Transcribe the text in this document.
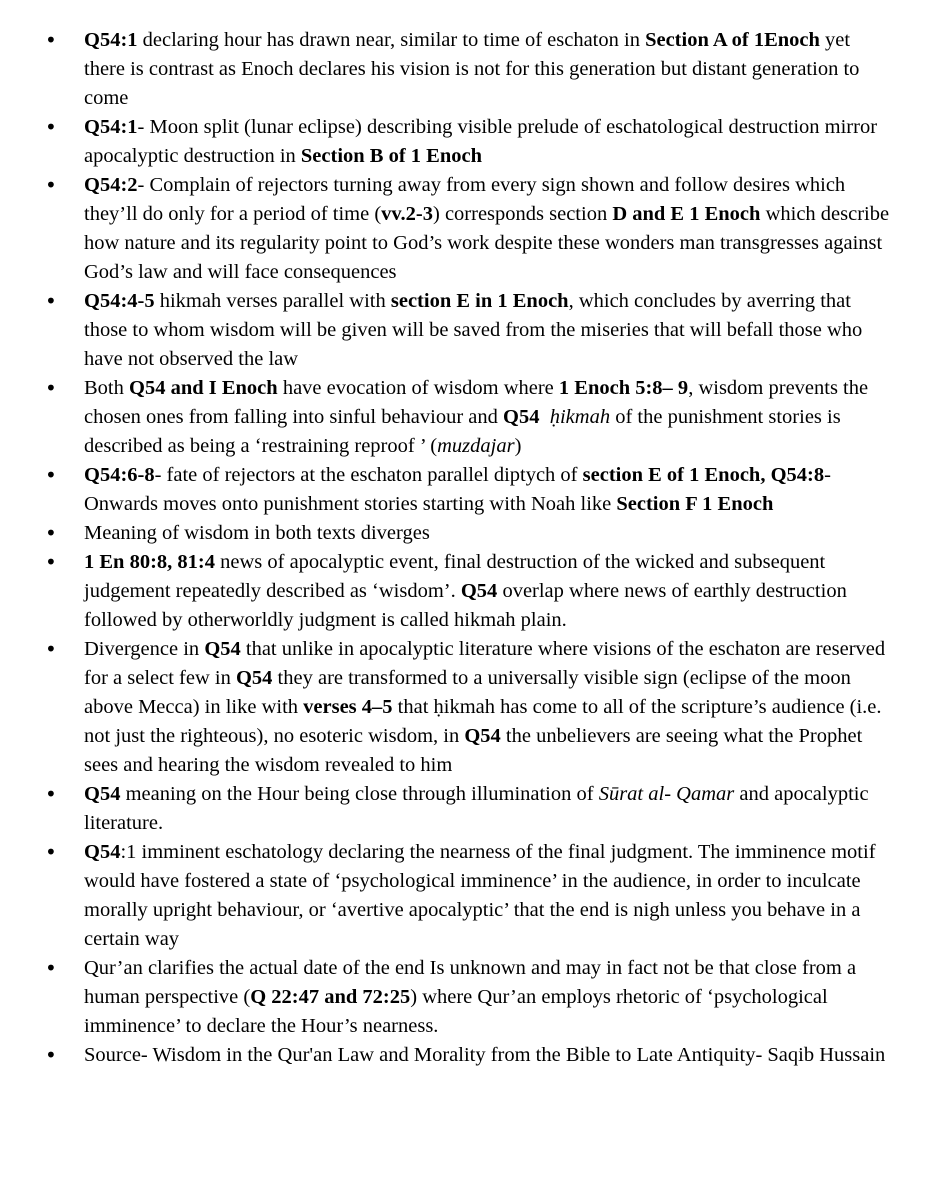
• Q54:1 declaring hour has drawn near, similar to time of eschaton in Section A of 1Enoch yet there is contrast as Enoch declares his vision is not for this generation but distant generation to come
• Q54:1- Moon split (lunar eclipse) describing visible prelude of eschatological destruction mirror apocalyptic destruction in Section B of 1 Enoch
• Q54:2- Complain of rejectors turning away from every sign shown and follow desires which they’ll do only for a period of time (vv.2-3) corresponds section D and E 1 Enoch which describe how nature and its regularity point to God’s work despite these wonders man transgresses against God’s law and will face consequences
• Q54:4-5 hikmah verses parallel with section E in 1 Enoch, which concludes by averring that those to whom wisdom will be given will be saved from the miseries that will befall those who have not observed the law
• Both Q54 and I Enoch have evocation of wisdom where 1 Enoch 5:8– 9, wisdom prevents the chosen ones from falling into sinful behaviour and Q54 ḥikmah of the punishment stories is described as being a ‘restraining reproof ’ (muzdajar)
• Q54:6-8- fate of rejectors at the eschaton parallel diptych of section E of 1 Enoch, Q54:8-Onwards moves onto punishment stories starting with Noah like Section F 1 Enoch
• Meaning of wisdom in both texts diverges
• 1 En 80:8, 81:4 news of apocalyptic event, final destruction of the wicked and subsequent judgement repeatedly described as ‘wisdom’. Q54 overlap where news of earthly destruction followed by otherworldly judgment is called hikmah plain.
• Divergence in Q54 that unlike in apocalyptic literature where visions of the eschaton are reserved for a select few in Q54 they are transformed to a universally visible sign (eclipse of the moon above Mecca) in like with verses 4–5 that ḥikmah has come to all of the scripture’s audience (i.e. not just the righteous), no esoteric wisdom, in Q54 the unbelievers are seeing what the Prophet sees and hearing the wisdom revealed to him
• Q54 meaning on the Hour being close through illumination of Sūrat al- Qamar and apocalyptic literature.
• Q54:1 imminent eschatology declaring the nearness of the final judgment. The imminence motif would have fostered a state of ‘psychological imminence’ in the audience, in order to inculcate morally upright behaviour, or ‘avertive apocalyptic’ that the end is nigh unless you behave in a certain way
• Qur’an clarifies the actual date of the end Is unknown and may in fact not be that close from a human perspective (Q 22:47 and 72:25) where Qur’an employs rhetoric of ‘psychological imminence’ to declare the Hour’s nearness.
• Source- Wisdom in the Qur'an Law and Morality from the Bible to Late Antiquity- Saqib Hussain
